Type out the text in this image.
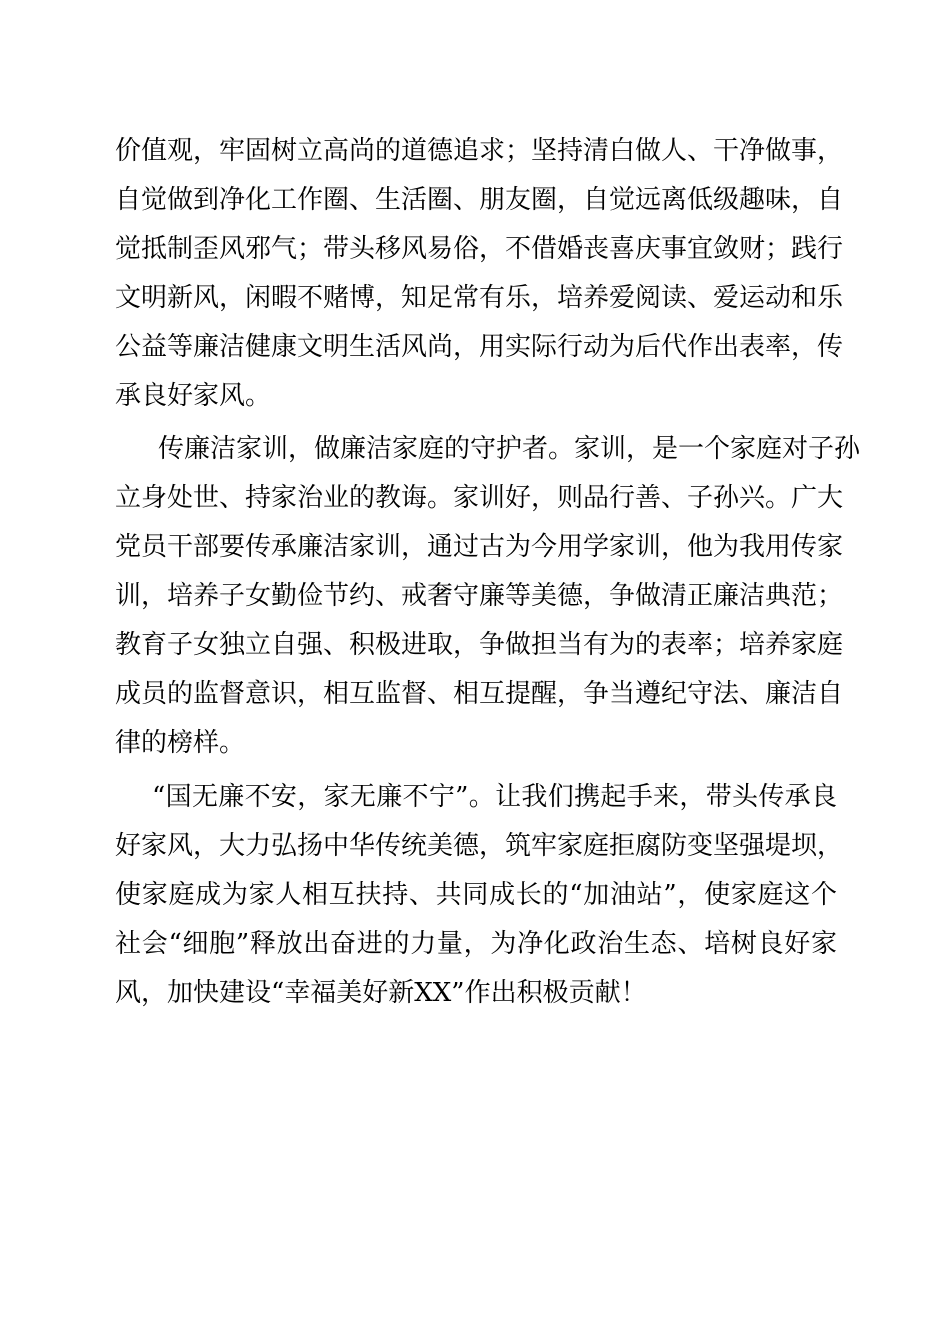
价值观，牢固树立高尚的道德追求；坚持清白做人、干净做事，
自觉做到净化工作圈、生活圈、朋友圈，自觉远离低级趣味，自
觉抵制歪风邪气；带头移风易俗，不借婚丧喜庆事宜敛财；践行
文明新风，闲暇不赌博，知足常有乐，培养爱阅读、爱运动和乐
公益等廉洁健康文明生活风尚，用实际行动为后代作出表率，传
承良好家风。
传廉洁家训，做廉洁家庭的守护者。家训，是一个家庭对子孙
立身处世、持家治业的教诲。家训好，则品行善、子孙兴。广大
党员干部要传承廉洁家训，通过古为今用学家训，他为我用传家
训，培养子女勤俭节约、戒奢守廉等美德，争做清正廉洁典范；
教育子女独立自强、积极进取，争做担当有为的表率；培养家庭
成员的监督意识，相互监督、相互提醒，争当遵纪守法、廉洁自
律的榜样。
“国无廉不安，家无廉不宁”。让我们携起手来，带头传承良
好家风，大力弘扬中华传统美德，筑牢家庭拒腐防变坚强堤坝，
使家庭成为家人相互扶持、共同成长的“加油站”，使家庭这个
社会“细胞”释放出奋进的力量，为净化政治生态、培树良好家
风，加快建设“幸福美好新XX”作出积极贡献！
